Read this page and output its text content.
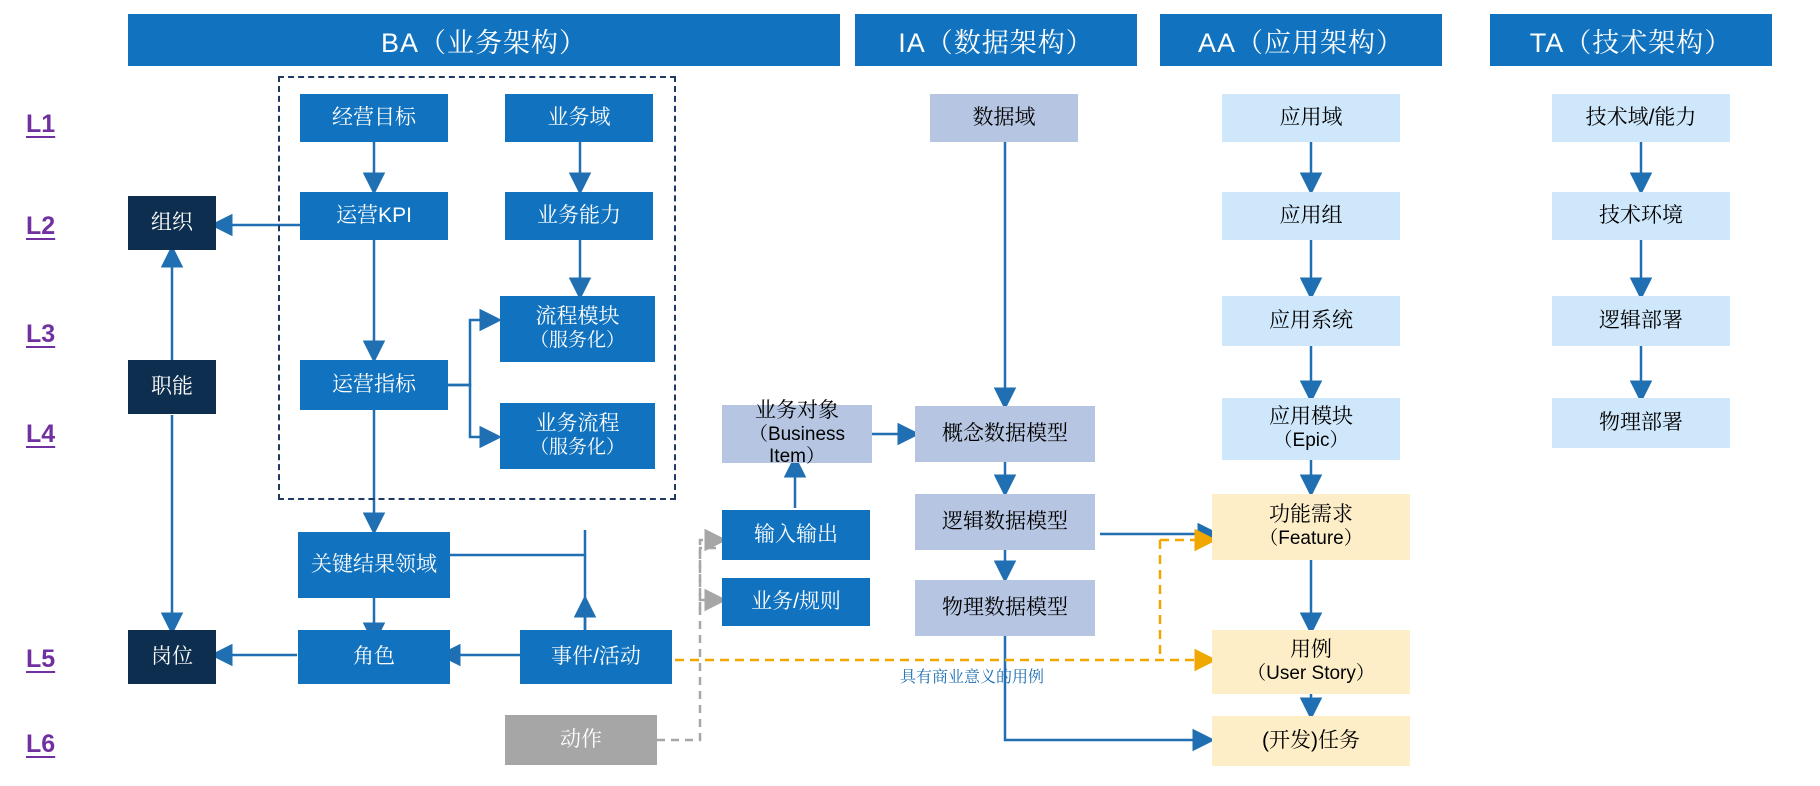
BA（业务架构）	IA（数据架构）	AA（应用架构）	TA（技术架构）
L1
L2
L3
L4
L5
L6
经营目标	业务域
运营KPI	业务能力
流程模块
（服务化）
业务流程
（服务化）
运营指标
关键结果领域
组织
职能
岗位	角色	事件/活动
动作
输入输出
业务/规则
业务对象
（Business Item）
数据域
概念数据模型
逻辑数据模型
物理数据模型
应用域
应用组
应用系统
应用模块
（Epic）
功能需求
（Feature）
用例
（User Story）
(开发)任务
技术域/能力
技术环境
逻辑部署
物理部署
具有商业意义的用例
